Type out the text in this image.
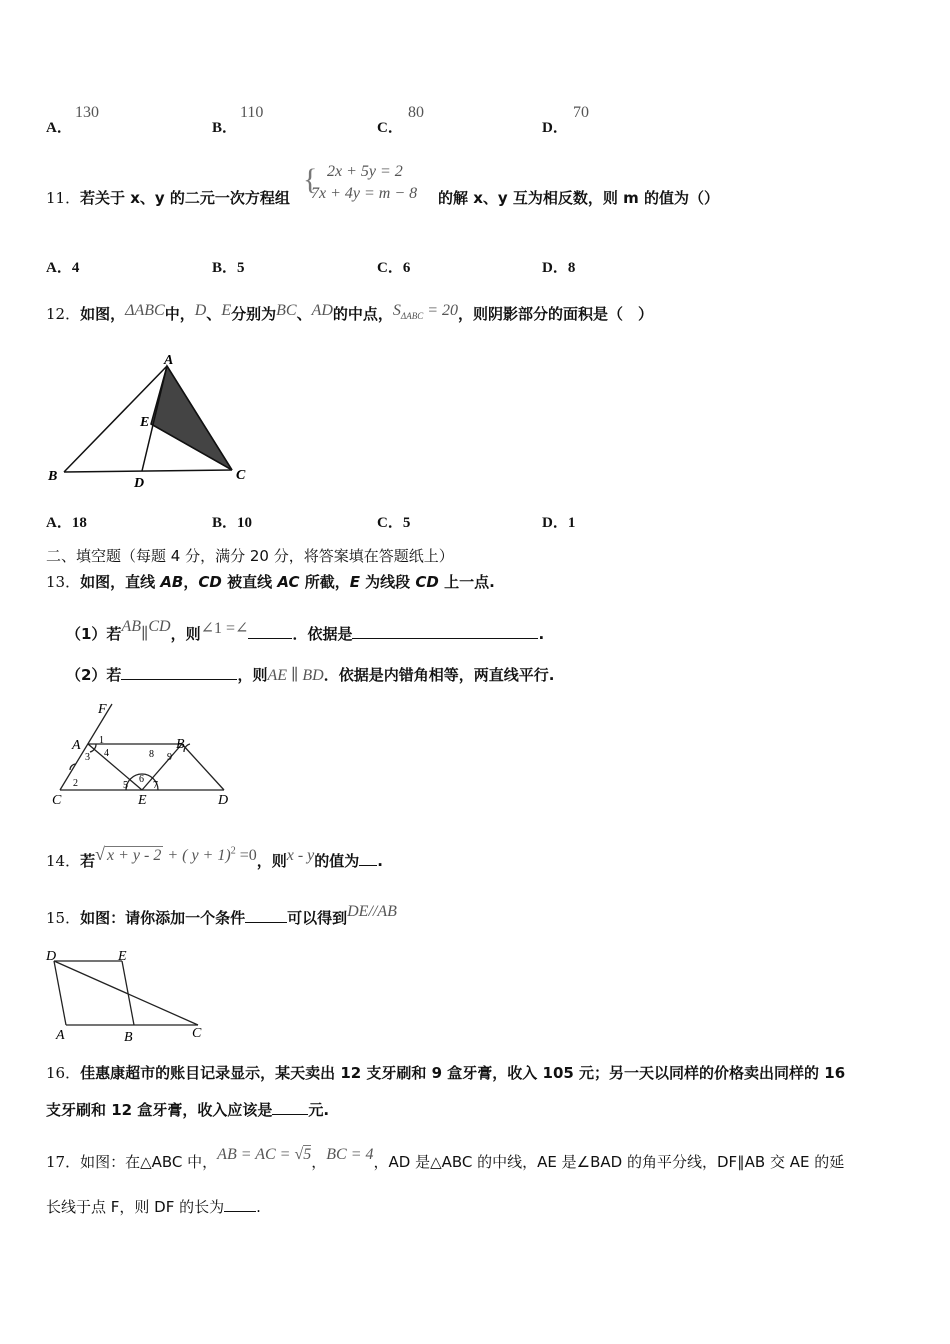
A．
130
B．
110
C．
80
D．
70
11． 若关于 x、y 的二元一次方程组
{ 2x + 5y = 2
7x + 4y = m − 8 的解 x、y 互为相反数，则 m 的值为（）
A．4	B．5	C．6	D．8
12．如图，ΔABC中，D、E分别为BC、AD的中点，$S_{\Delta ABC} = 20$，则阴影部分的面积是（　）
A
E
B	D
C
A．18	B．10	C．5	D．1
二、填空题（每题 4 分，满分 20 分，将答案填在答题纸上）
13．如图，直线 AB，CD 被直线 AC 所截，E 为线段 CD 上一点.
（1）若AB∥CD，则∠1 =∠	．依据是	.
（2）若	，则AE ∥ BD．依据是内错角相等，两直线平行.
F
A	B
C	E	D
1
2
3 4
5
6
7
8 9
14．若√ x + y - 2 + ( y + 1)$^2$ =0，则x - y的值为 .
15．如图：请你添加一个条件	可以得到DE//AB
D	E
A	B	C
16．佳惠康超市的账目记录显示，某天卖出 12 支牙刷和 9 盒牙膏，收入 105 元；另一天以同样的价格卖出同样的 16
支牙刷和 12 盒牙膏，收入应该是 元.
17．如图：在△ABC 中，AB = AC = √5，BC = 4，AD 是△ABC 的中线，AE 是∠BAD 的角平分线，DF∥AB 交 AE 的延
长线于点 F，则 DF 的长为 .
